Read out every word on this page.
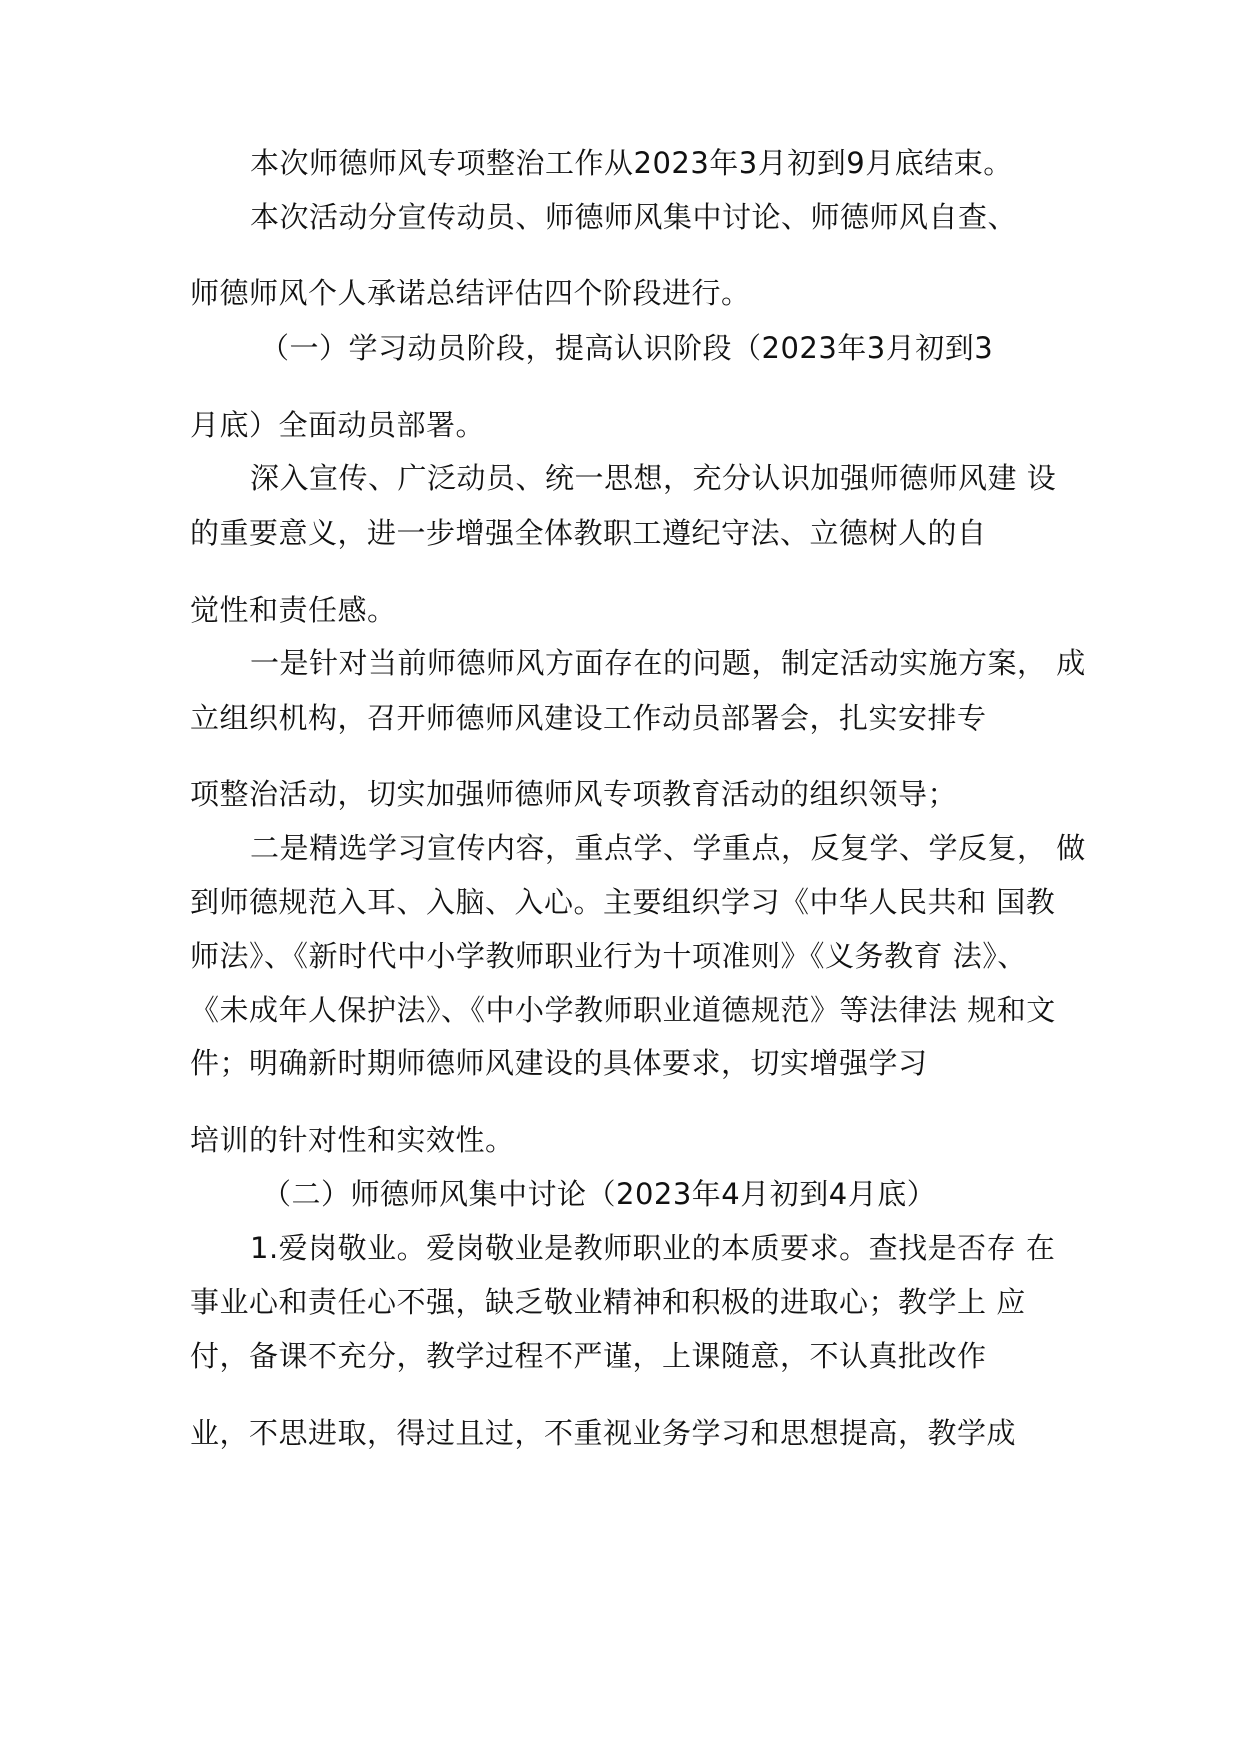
本次师德师风专项整治工作从2023年3月初到9月底结束。
本次活动分宣传动员、师德师风集中讨论、师德师风自查、
师德师风个人承诺总结评估四个阶段进行。
（一）学习动员阶段，提高认识阶段（2023年3月初到3
月底）全面动员部署。
深入宣传、广泛动员、统一思想，充分认识加强师德师风建 设
的重要意义，进一步增强全体教职工遵纪守法、立德树人的自
觉性和责任感。
一是针对当前师德师风方面存在的问题，制定活动实施方案， 成
立组织机构，召开师德师风建设工作动员部署会，扎实安排专
项整治活动，切实加强师德师风专项教育活动的组织领导；
二是精选学习宣传内容，重点学、学重点，反复学、学反复， 做
到师德规范入耳、入脑、入心。主要组织学习《中华人民共和 国教
师法》、《新时代中小学教师职业行为十项准则》《义务教育 法》、
《未成年人保护法》、《中小学教师职业道德规范》等法律法 规和文
件；明确新时期师德师风建设的具体要求，切实增强学习
培训的针对性和实效性。
（二）师德师风集中讨论（2023年4月初到4月底）
1.爱岗敬业。爱岗敬业是教师职业的本质要求。查找是否存 在
事业心和责任心不强，缺乏敬业精神和积极的进取心；教学上 应
付，备课不充分，教学过程不严谨，上课随意，不认真批改作
业，不思进取，得过且过，不重视业务学习和思想提高，教学成
